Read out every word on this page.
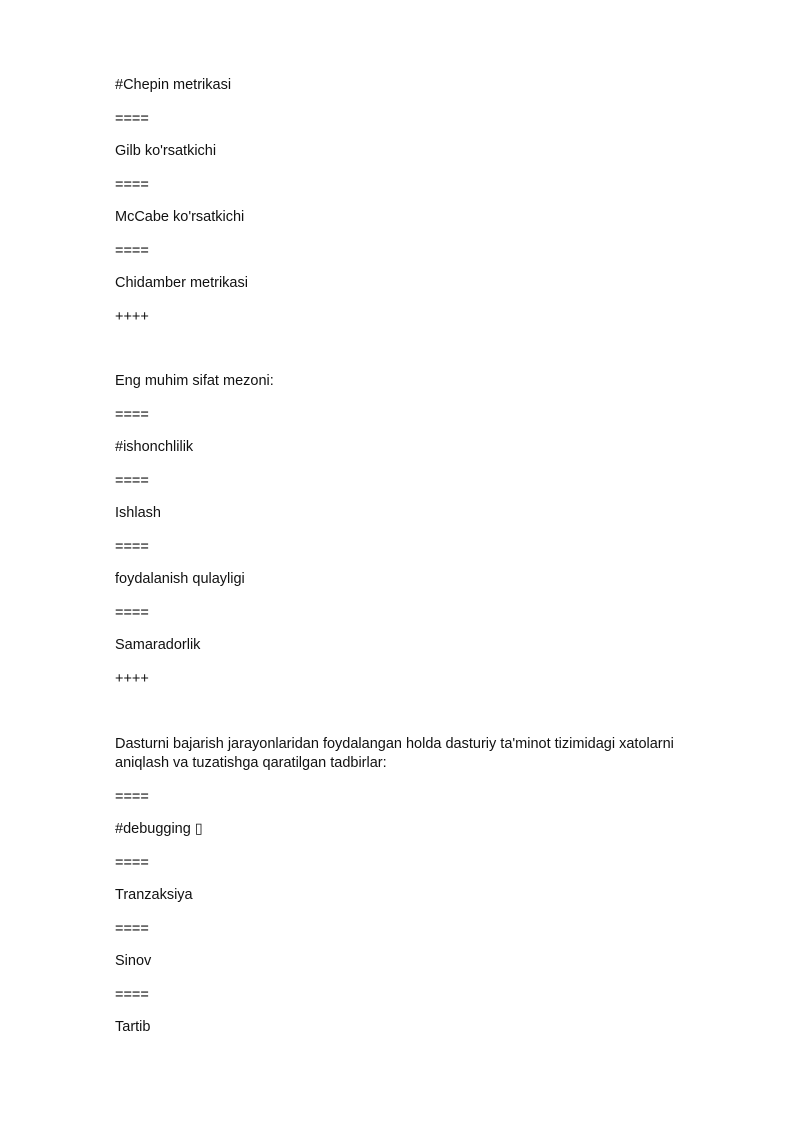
#Chepin metrikasi
====
Gilb ko'rsatkichi
====
McCabe ko'rsatkichi
====
Chidamber metrikasi
++++
Eng muhim sifat mezoni:
====
#ishonchlilik
====
Ishlash
====
foydalanish qulayligi
====
Samaradorlik
++++
Dasturni bajarish jarayonlaridan foydalangan holda dasturiy ta'minot tizimidagi xatolarni
aniqlash va tuzatishga qaratilgan tadbirlar:
====
#debugging ▯
====
Tranzaksiya
====
Sinov
====
Tartib
